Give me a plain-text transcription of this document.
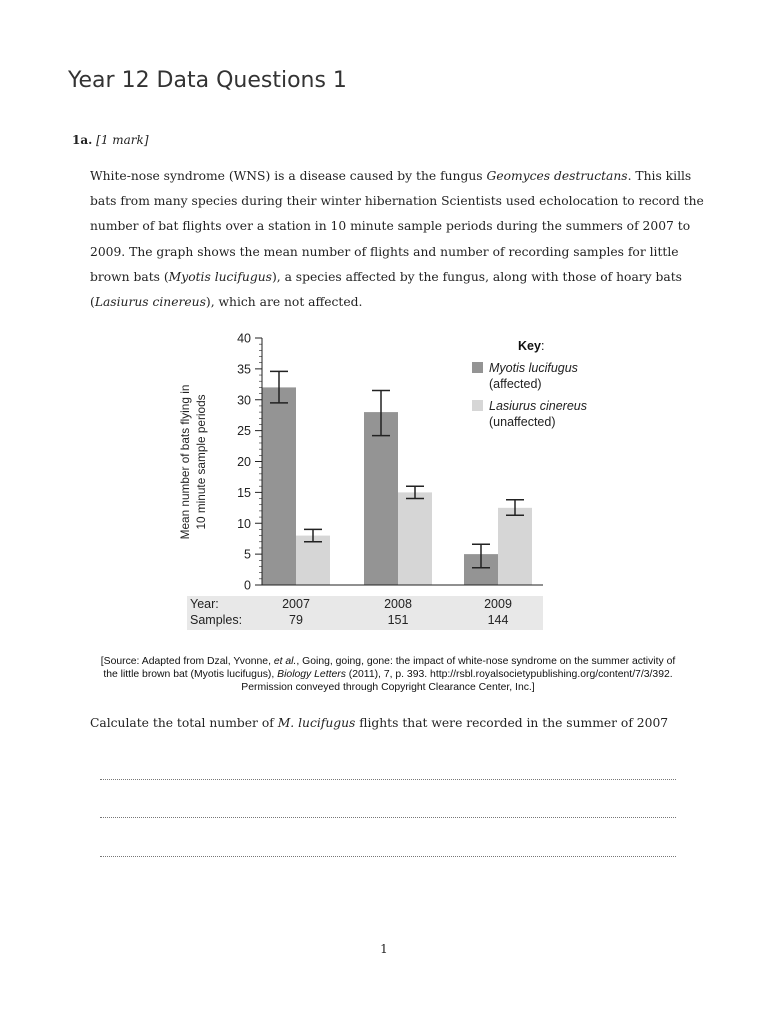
Year 12 Data Questions 1
1a. [1 mark]
White-nose syndrome (WNS) is a disease caused by the fungus Geomyces destructans. This kills bats from many species during their winter hibernation Scientists used echolocation to record the number of bat flights over a station in 10 minute sample periods during the summers of 2007 to 2009. The graph shows the mean number of flights and number of recording samples for little brown bats (Myotis lucifugus), a species affected by the fungus, along with those of hoary bats (Lasiurus cinereus), which are not affected.
0
5
10
15
20
25
30
35
40
Mean number of bats flying in 10 minute sample periods
Year:
Samples:
2007
79
2008
151
2009
144
Key:
Myotis lucifugus
(affected)
Lasiurus cinereus
(unaffected)
[Source: Adapted from Dzal, Yvonne, et al., Going, going, gone: the impact of white-nose syndrome on the summer activity of
the little brown bat (Myotis lucifugus), Biology Letters (2011), 7, p. 393. http://rsbl.royalsocietypublishing.org/content/7/3/392.
Permission conveyed through Copyright Clearance Center, Inc.]
Calculate the total number of M. lucifugus flights that were recorded in the summer of 2007
1
